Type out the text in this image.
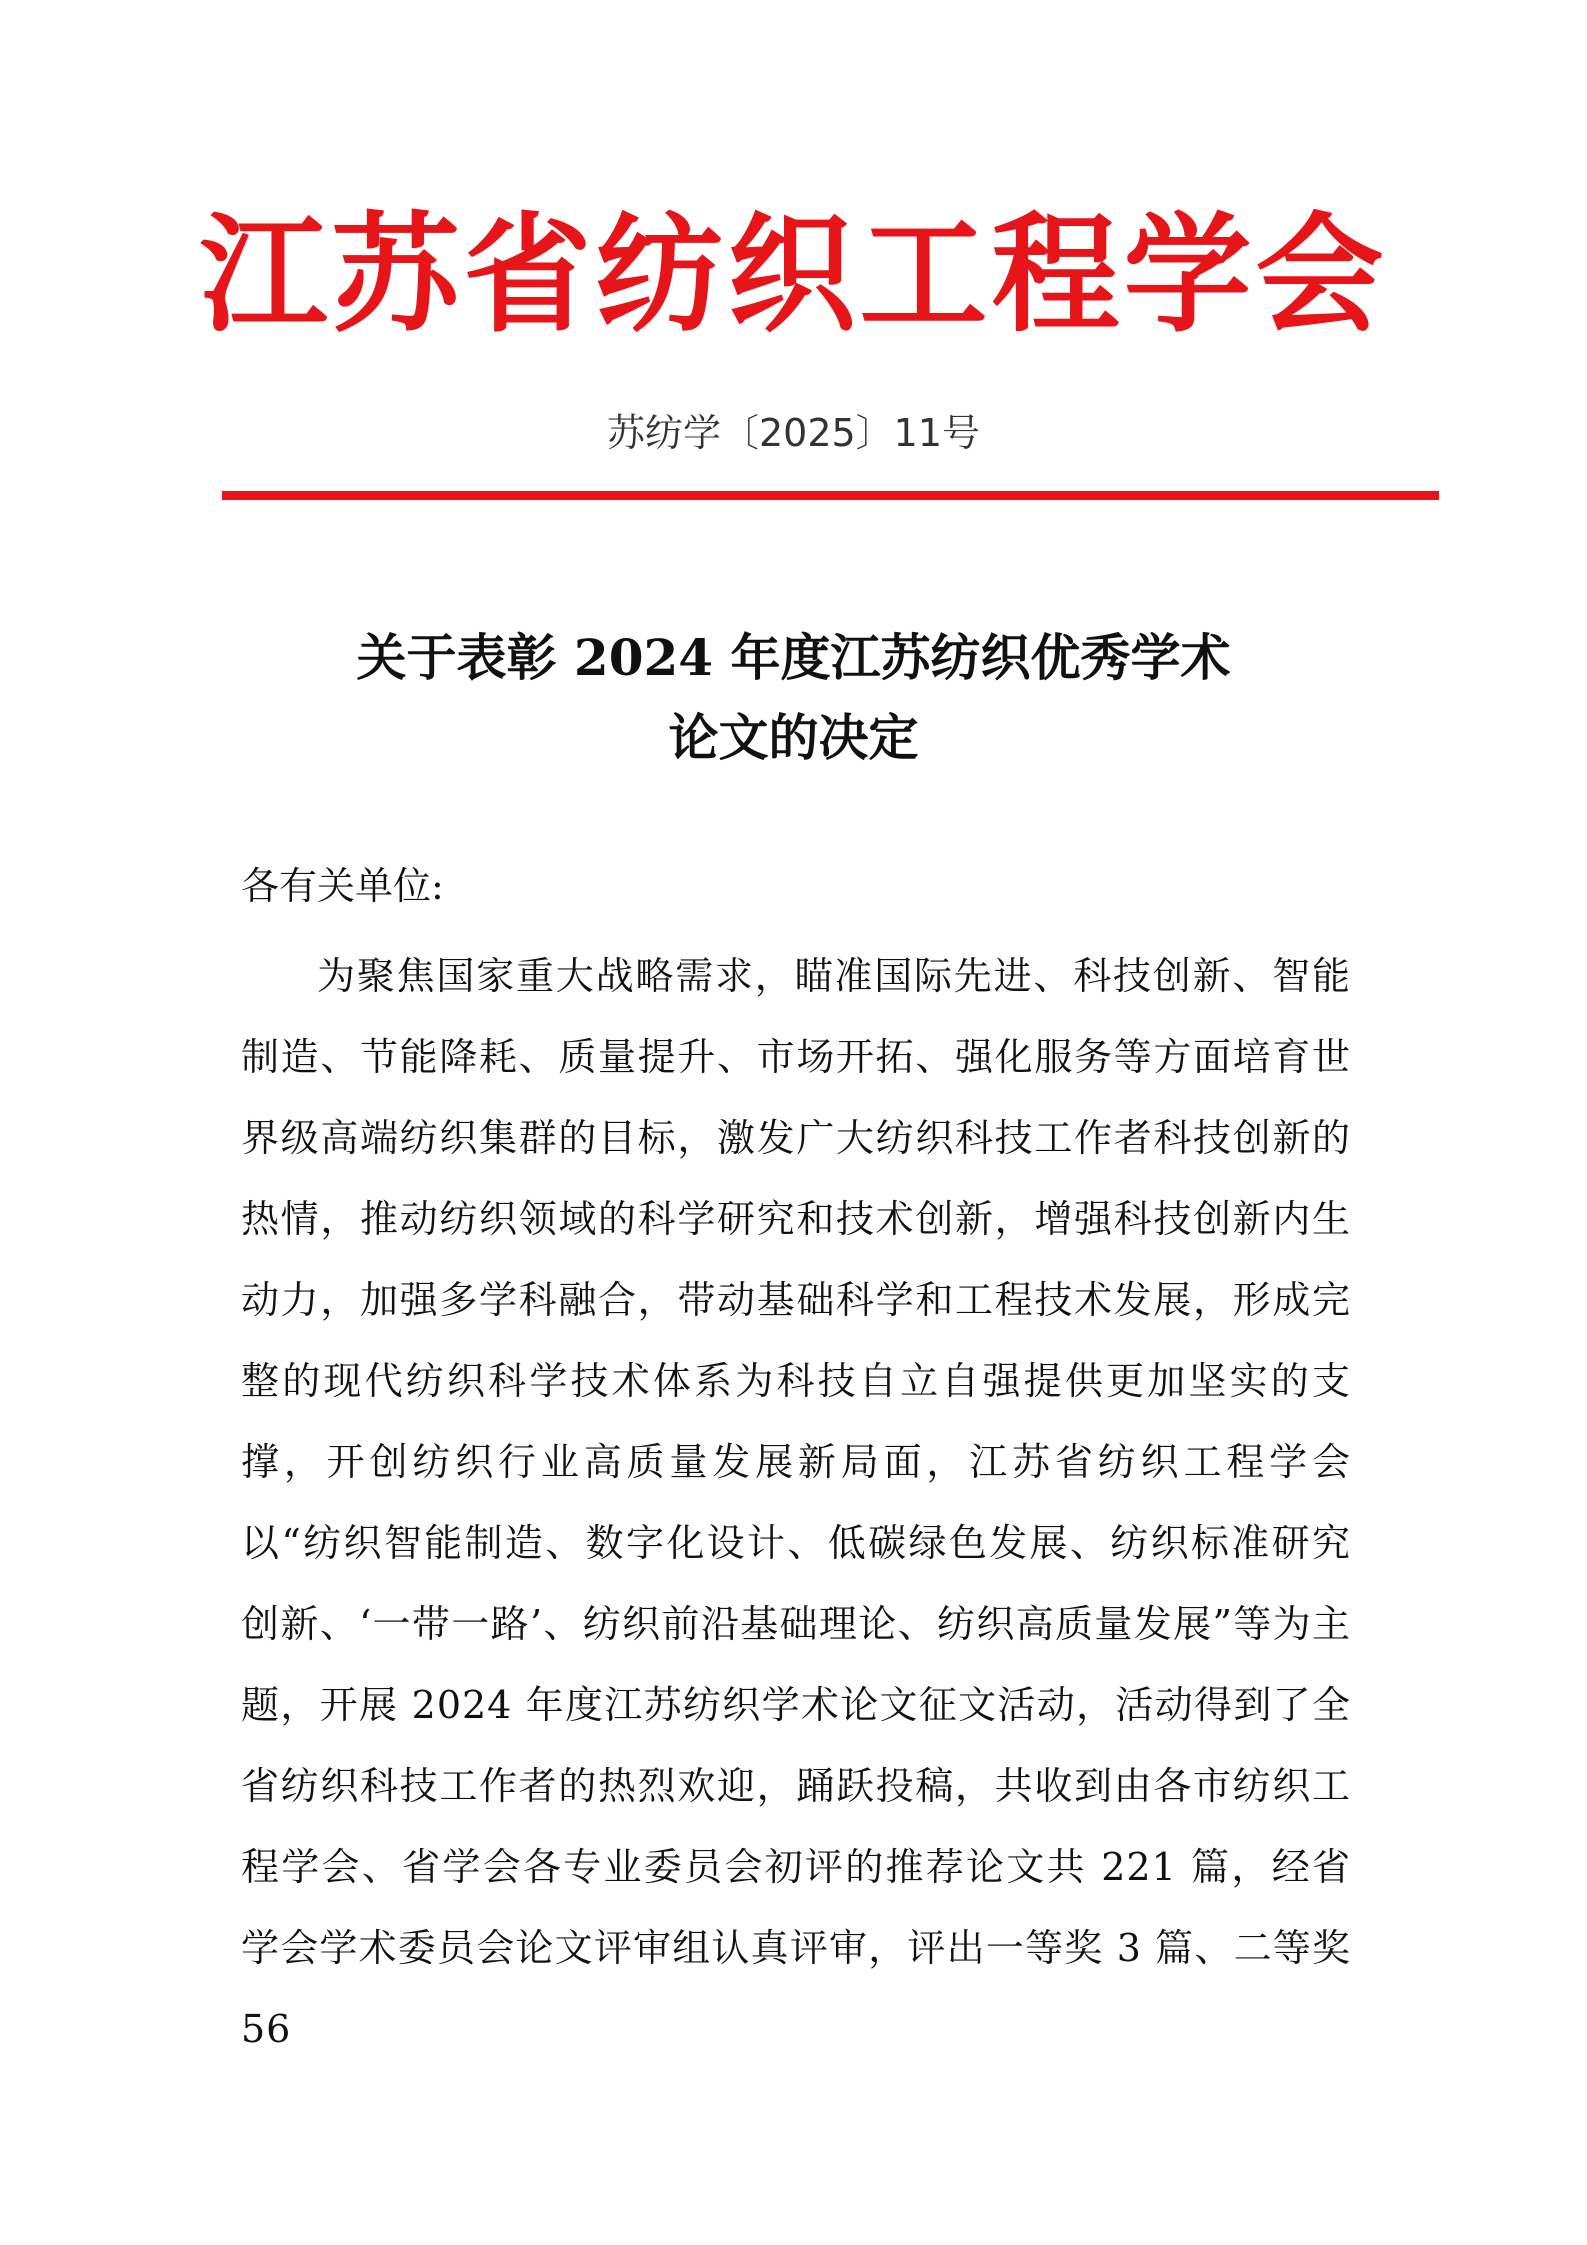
江苏省纺织工程学会
苏纺学〔2025〕11号
关于表彰 2024 年度江苏纺织优秀学术
论文的决定
各有关单位:

为聚焦国家重大战略需求，瞄准国际先进、科技创新、智能制造、节能降耗、质量提升、市场开拓、强化服务等方面培育世界级高端纺织集群的目标，激发广大纺织科技工作者科技创新的热情，推动纺织领域的科学研究和技术创新，增强科技创新内生动力，加强多学科融合，带动基础科学和工程技术发展，形成完整的现代纺织科学技术体系为科技自立自强提供更加坚实的支撑，开创纺织行业高质量发展新局面，江苏省纺织工程学会以“纺织智能制造、数字化设计、低碳绿色发展、纺织标准研究创新、‘一带一路’、纺织前沿基础理论、纺织高质量发展”等为主题，开展 2024 年度江苏纺织学术论文征文活动，活动得到了全省纺织科技工作者的热烈欢迎，踊跃投稿，共收到由各市纺织工程学会、省学会各专业委员会初评的推荐论文共 221 篇，经省学会学术委员会论文评审组认真评审，评出一等奖 3 篇、二等奖 56
